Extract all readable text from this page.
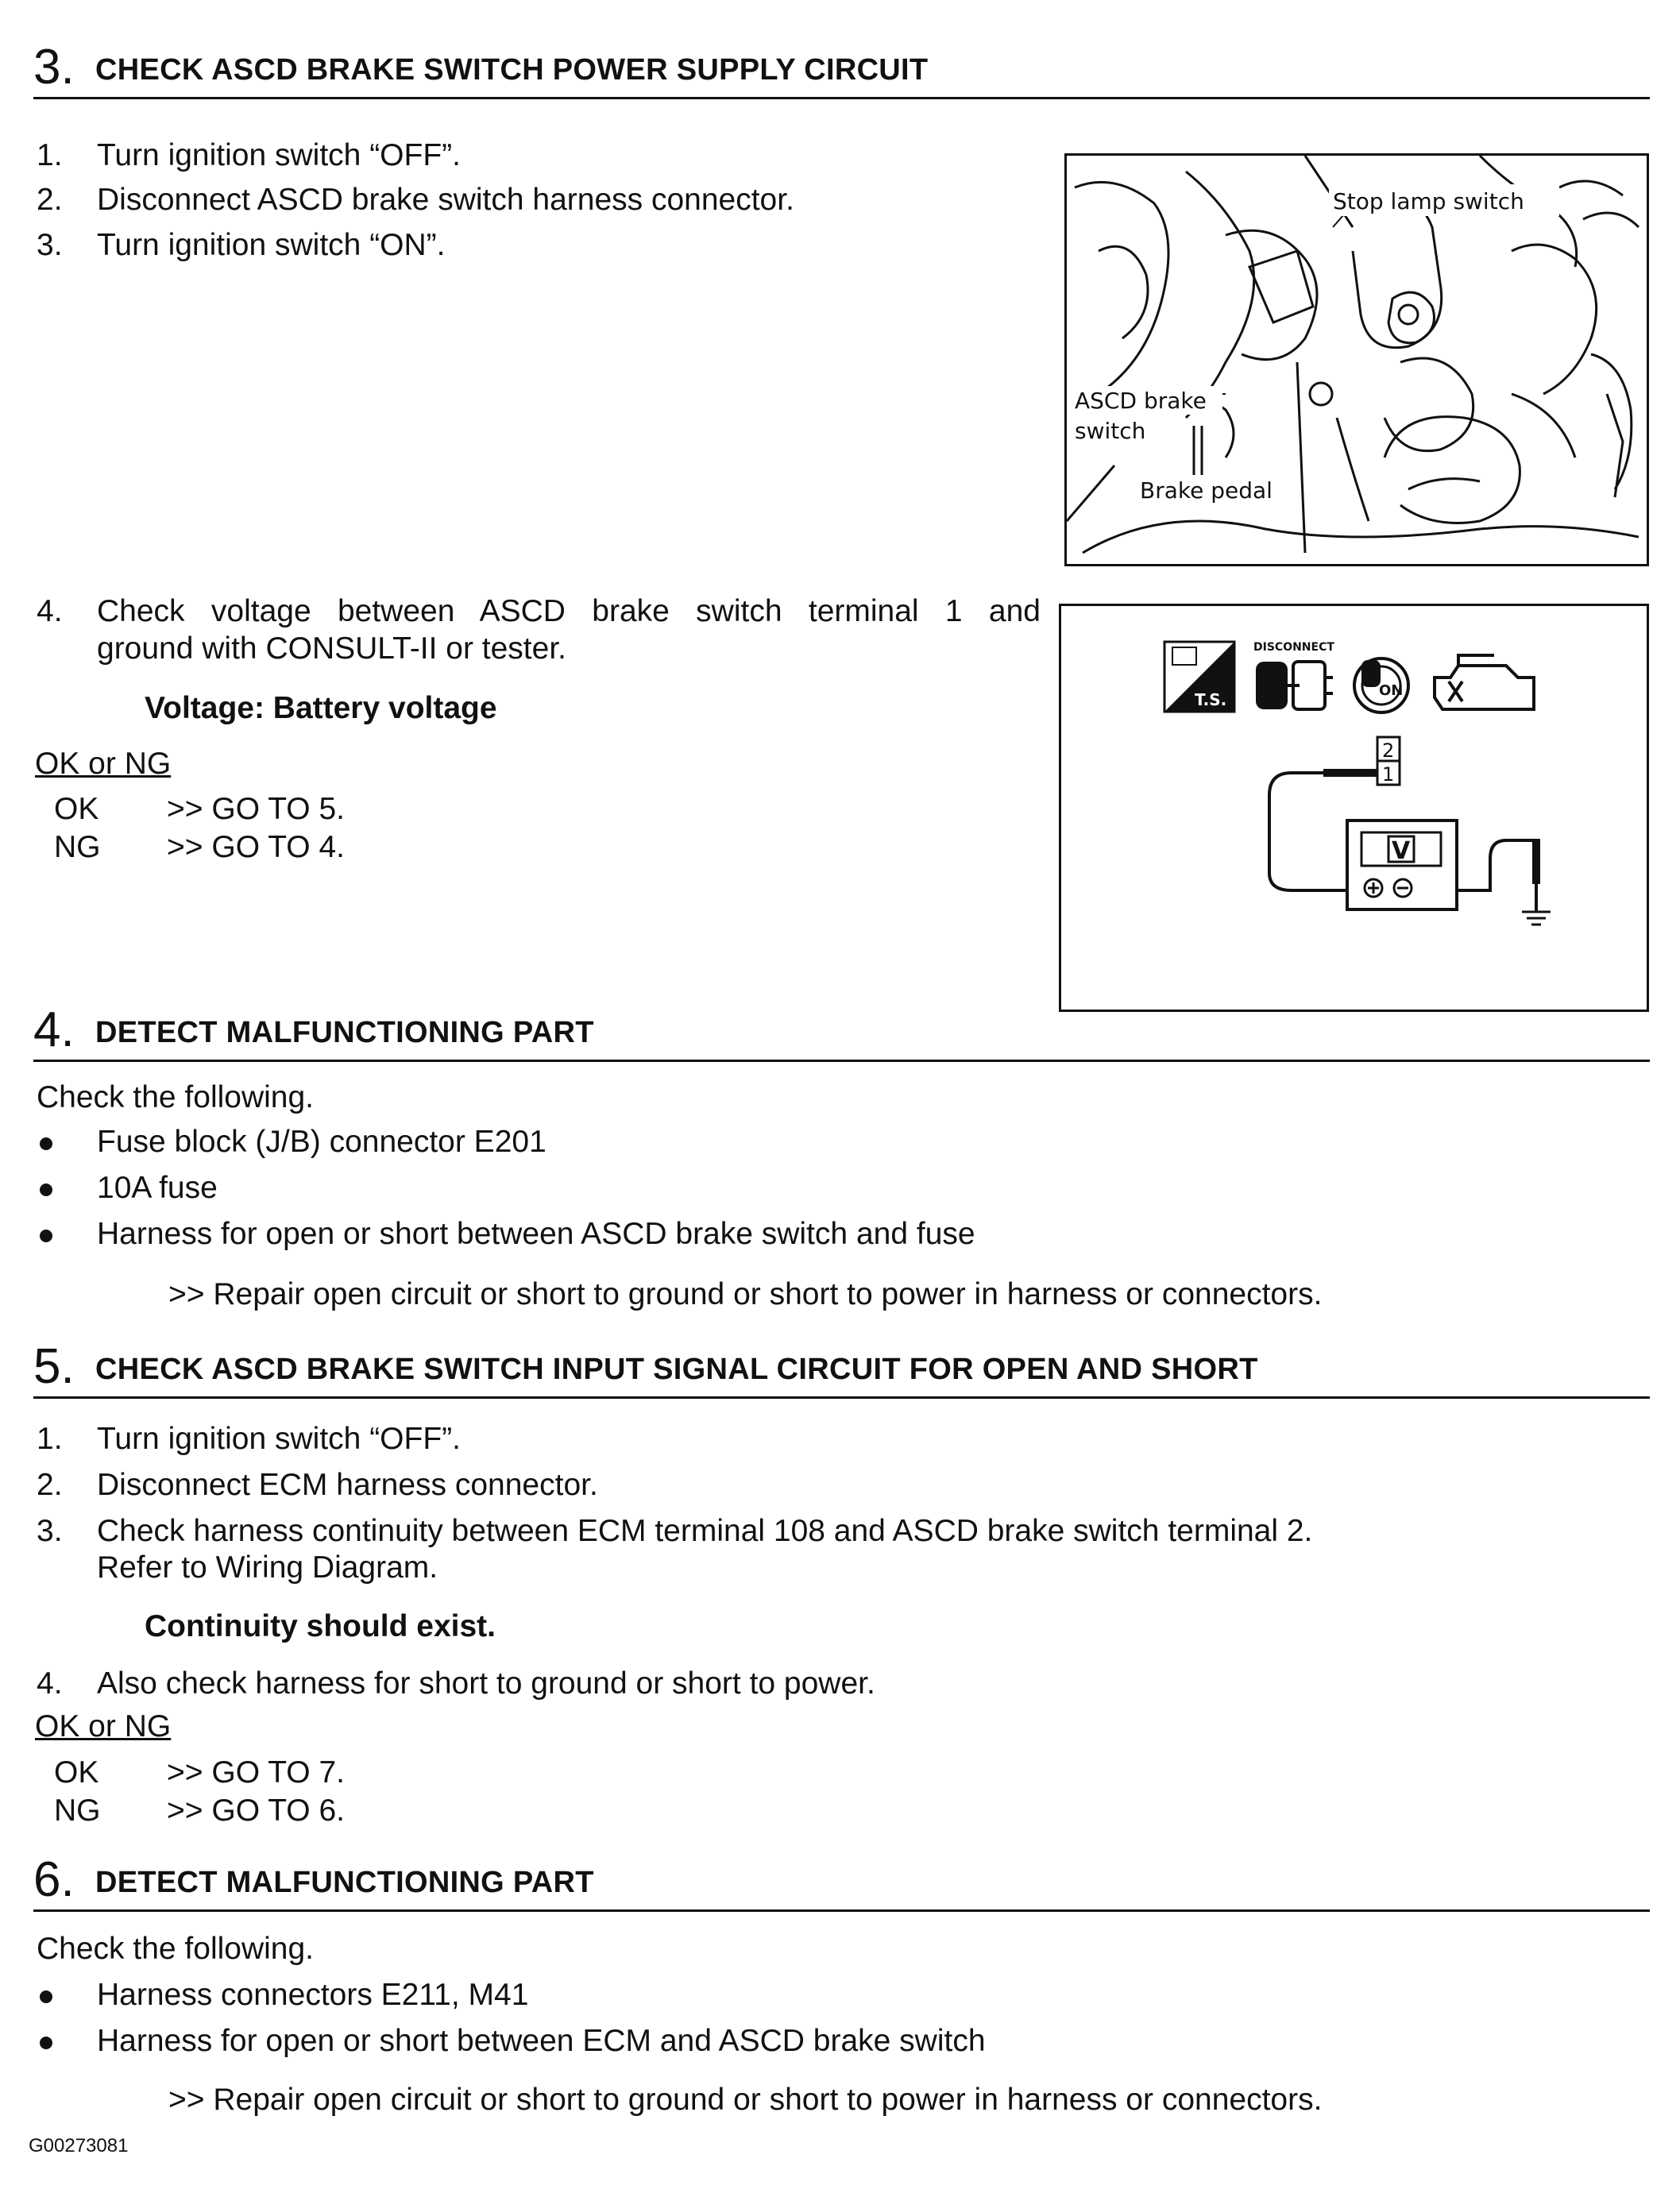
3. CHECK ASCD BRAKE SWITCH POWER SUPPLY CIRCUIT
1. Turn ignition switch “OFF”.
2. Disconnect ASCD brake switch harness connector.
3. Turn ignition switch “ON”.
Stop lamp switch
ASCD brake
switch
Brake pedal
4. Check voltage between ASCD brake switch terminal 1 and
ground with CONSULT-II or tester.
Voltage: Battery voltage
OK or NG
OK >> GO TO 5.
NG >> GO TO 4.
T.S.
DISCONNECT
ON
2
1
V
4. DETECT MALFUNCTIONING PART
Check the following.
Fuse block (J/B) connector E201
10A fuse
Harness for open or short between ASCD brake switch and fuse
>> Repair open circuit or short to ground or short to power in harness or connectors.
5. CHECK ASCD BRAKE SWITCH INPUT SIGNAL CIRCUIT FOR OPEN AND SHORT
1. Turn ignition switch “OFF”.
2. Disconnect ECM harness connector.
3. Check harness continuity between ECM terminal 108 and ASCD brake switch terminal 2.
Refer to Wiring Diagram.
Continuity should exist.
4. Also check harness for short to ground or short to power.
OK or NG
OK >> GO TO 7.
NG >> GO TO 6.
6. DETECT MALFUNCTIONING PART
Check the following.
Harness connectors E211, M41
Harness for open or short between ECM and ASCD brake switch
>> Repair open circuit or short to ground or short to power in harness or connectors.
G00273081
